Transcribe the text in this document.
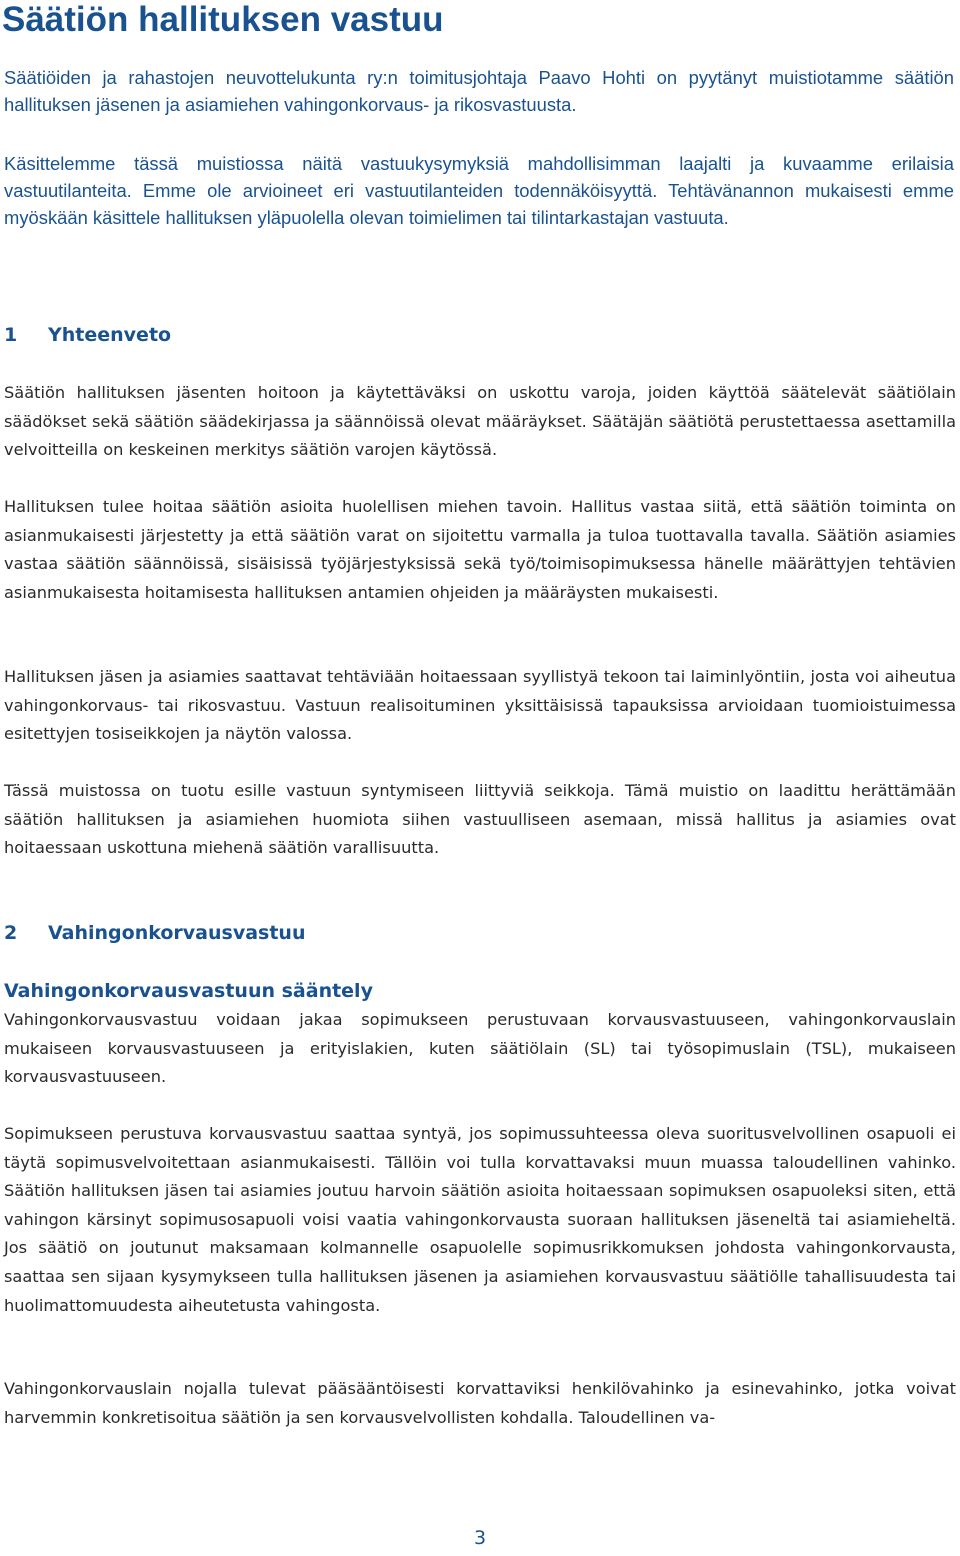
Säätiön hallituksen vastuu

Säätiöiden ja rahastojen neuvottelukunta ry:n toimitusjohtaja Paavo Hohti on pyytänyt muistiotamme säätiön hallituksen jäsenen ja asiamiehen vahingonkorvaus- ja rikosvastuusta.

Käsittelemme tässä muistiossa näitä vastuukysymyksiä mahdollisimman laajalti ja kuvaamme erilaisia vastuutilanteita. Emme ole arvioineet eri vastuutilanteiden todennäköisyyttä. Tehtävänannon mukaisesti emme myöskään käsittele hallituksen yläpuolella olevan toimielimen tai tilintarkastajan vastuuta.

1 Yhteenveto

Säätiön hallituksen jäsenten hoitoon ja käytettäväksi on uskottu varoja, joiden käyttöä säätelevät säätiölain säädökset sekä säätiön säädekirjassa ja säännöissä olevat määräykset. Säätäjän säätiötä perustettaessa asettamilla velvoitteilla on keskeinen merkitys säätiön varojen käytössä.

Hallituksen tulee hoitaa säätiön asioita huolellisen miehen tavoin. Hallitus vastaa siitä, että säätiön toiminta on asianmukaisesti järjestetty ja että säätiön varat on sijoitettu varmalla ja tuloa tuottavalla tavalla. Säätiön asiamies vastaa säätiön säännöissä, sisäisissä työjärjestyksissä sekä työ/toimisopimuksessa hänelle määrättyjen tehtävien asianmukaisesta hoitamisesta hallituksen antamien ohjeiden ja määräysten mukaisesti.

Hallituksen jäsen ja asiamies saattavat tehtäviään hoitaessaan syyllistyä tekoon tai laiminlyöntiin, josta voi aiheutua vahingonkorvaus- tai rikosvastuu. Vastuun realisoituminen yksittäisissä tapauksissa arvioidaan tuomioistuimessa esitettyjen tosiseikkojen ja näytön valossa.

Tässä muistossa on tuotu esille vastuun syntymiseen liittyviä seikkoja. Tämä muistio on laadittu herättämään säätiön hallituksen ja asiamiehen huomiota siihen vastuulliseen asemaan, missä hallitus ja asiamies ovat hoitaessaan uskottuna miehenä säätiön varallisuutta.

2 Vahingonkorvausvastuu
Vahingonkorvausvastuun sääntely

Vahingonkorvausvastuu voidaan jakaa sopimukseen perustuvaan korvausvastuuseen, vahingonkorvauslain mukaiseen korvausvastuuseen ja erityislakien, kuten säätiölain (SL) tai työsopimuslain (TSL), mukaiseen korvausvastuuseen.

Sopimukseen perustuva korvausvastuu saattaa syntyä, jos sopimussuhteessa oleva suoritusvelvollinen osapuoli ei täytä sopimusvelvoitettaan asianmukaisesti. Tällöin voi tulla korvattavaksi muun muassa taloudellinen vahinko. Säätiön hallituksen jäsen tai asiamies joutuu harvoin säätiön asioita hoitaessaan sopimuksen osapuoleksi siten, että vahingon kärsinyt sopimusosapuoli voisi vaatia vahingonkorvausta suoraan hallituksen jäseneltä tai asiamieheltä. Jos säätiö on joutunut maksamaan kolmannelle osapuolelle sopimusrikkomuksen johdosta vahingonkorvausta, saattaa sen sijaan kysymykseen tulla hallituksen jäsenen ja asiamiehen korvausvastuu säätiölle tahallisuudesta tai huolimattomuudesta aiheutetusta vahingosta.

Vahingonkorvauslain nojalla tulevat pääsääntöisesti korvattaviksi henkilövahinko ja esinevahinko, jotka voivat harvemmin konkretisoitua säätiön ja sen korvausvelvollisten kohdalla. Taloudellinen va-

3
